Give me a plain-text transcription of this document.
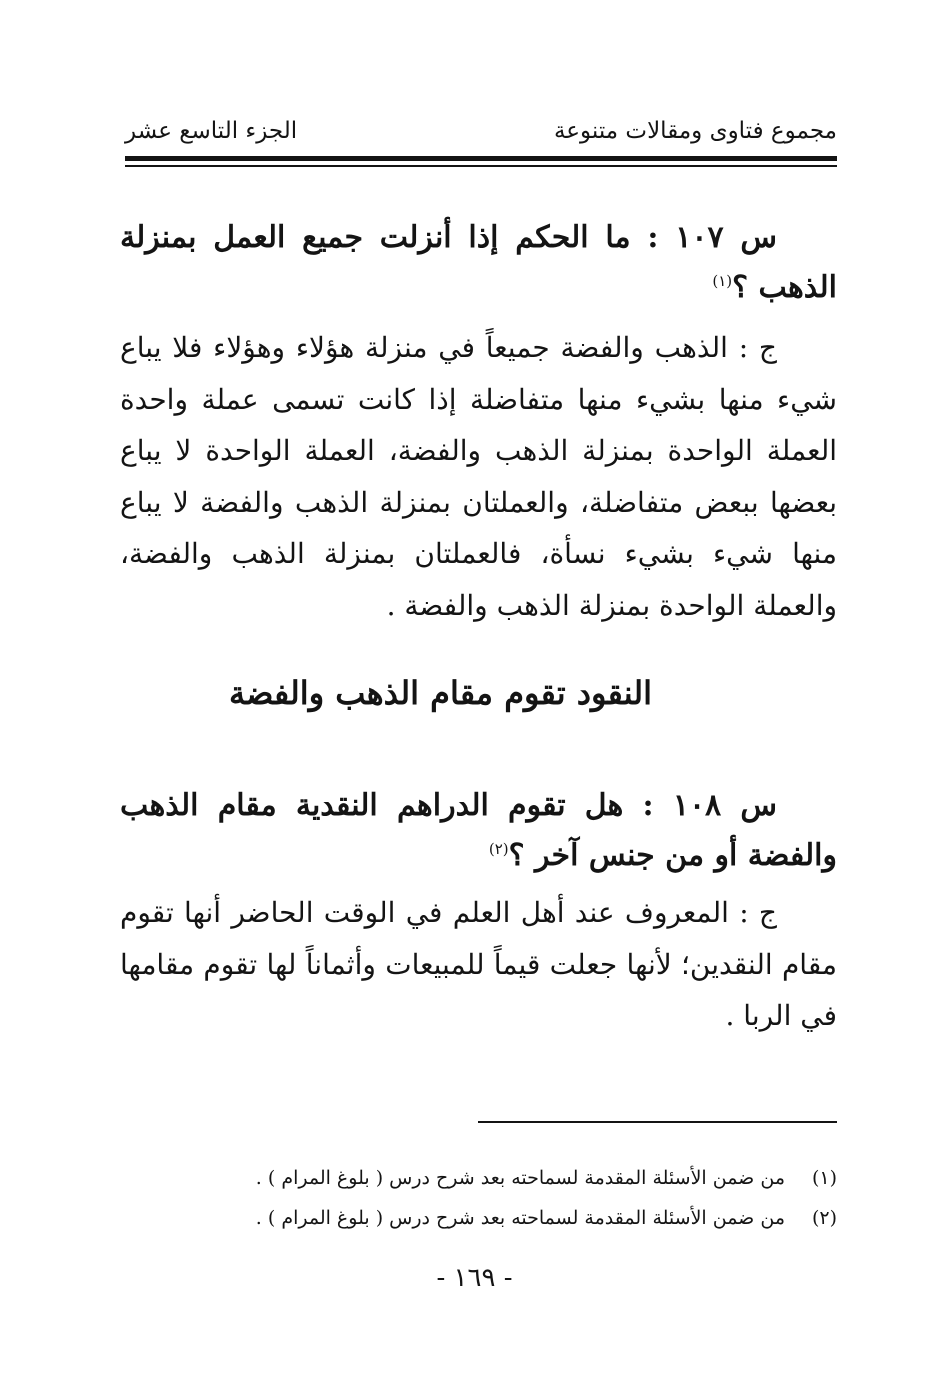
مجموع فتاوى ومقالات متنوعة
الجزء التاسع عشر
س ١٠٧ : ما الحكم إذا أنزلت جميع العمل بمنزلة الذهب ؟$^{(١)}$
ج : الذهب والفضة جميعاً في منزلة هؤلاء وهؤلاء فلا يباع شيء منها بشيء منها متفاضلة إذا كانت تسمى عملة واحدة العملة الواحدة بمنزلة الذهب والفضة، العملة الواحدة لا يباع بعضها ببعض متفاضلة، والعملتان بمنزلة الذهب والفضة لا يباع منها شيء بشيء نسأة، فالعملتان بمنزلة الذهب والفضة، والعملة الواحدة بمنزلة الذهب والفضة .
النقود تقوم مقام الذهب والفضة
س ١٠٨ : هل تقوم الدراهم النقدية مقام الذهب والفضة أو من جنس آخر ؟$^{(٢)}$
ج : المعروف عند أهل العلم في الوقت الحاضر أنها تقوم مقام النقدين؛ لأنها جعلت قيماً للمبيعات وأثماناً لها تقوم مقامها في الربا .
(١)
من ضمن الأسئلة المقدمة لسماحته بعد شرح درس ( بلوغ المرام ) .
(٢)
من ضمن الأسئلة المقدمة لسماحته بعد شرح درس ( بلوغ المرام ) .
- ١٦٩ -
